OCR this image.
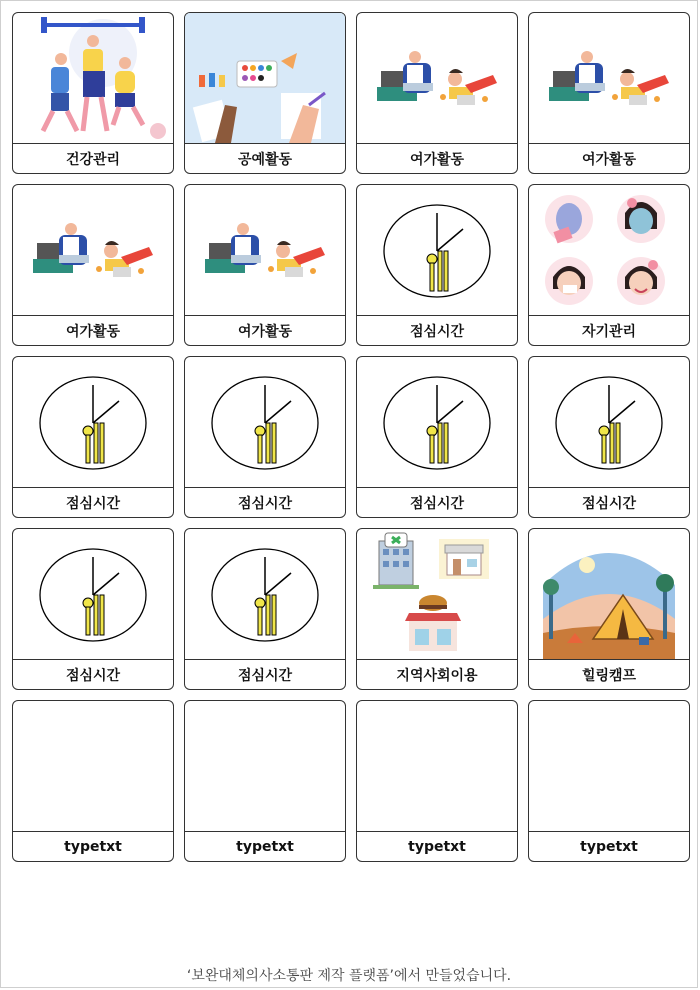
건강관리	공예활동	여가활동	여가활동
여가활동	여가활동	점심시간	자기관리
점심시간	점심시간	점심시간	점심시간
점심시간	점심시간	지역사회이용	힐링캠프
typetxt	typetxt	typetxt	typetxt
‘보완대체의사소통판 제작 플랫폼’에서 만들었습니다.
